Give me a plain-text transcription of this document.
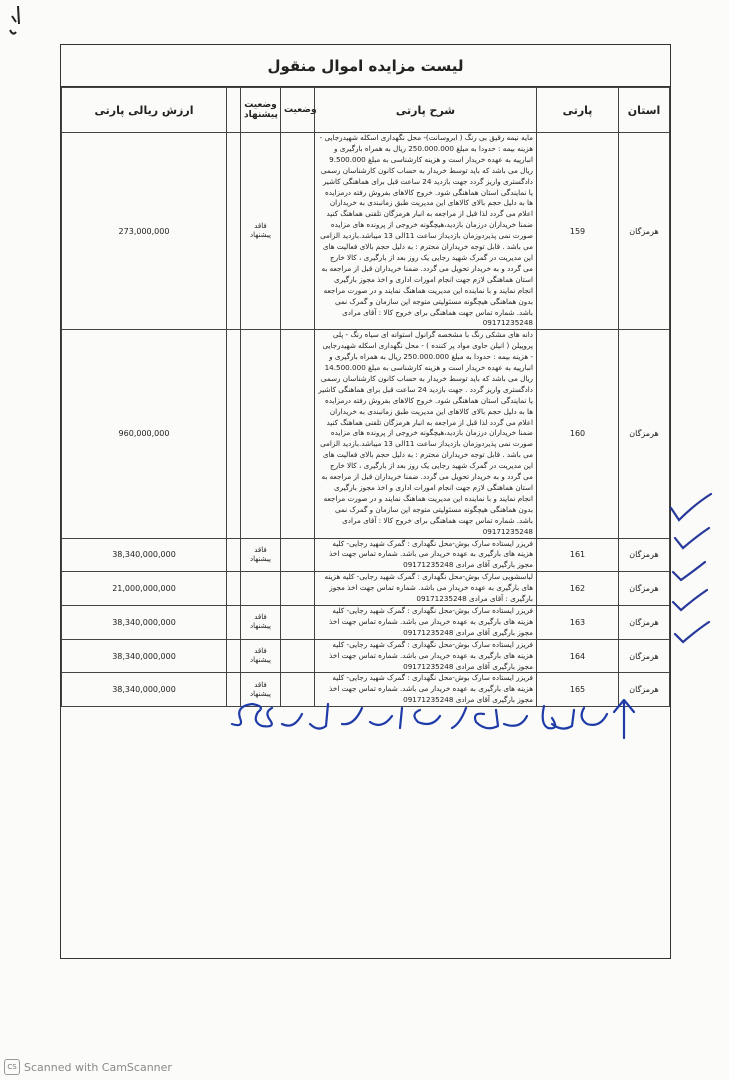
لیست مزایده اموال منقول
ارزش ریالی پارتی		وضعیت پیشنهاد	وضعیت	شرح پارتی	پارتی	استان
273,000,000		فاقد پیشنهاد		مایه نیمه رقیق بی رنگ ( ابروسانت)- محل نگهداری اسکله شهیدرجایی - هزینه بیمه : حدودا به مبلغ 250.000.000 ریال به همراه بارگیری و انبارپیه به عهده خریدار است و هزینه کارشناسی به مبلغ 9.500.000 ریال می باشد که باید توسط خریدار به حساب کانون کارشناسان رسمی دادگستری واریز گردد جهت بازدید 24 ساعت قبل برای هماهنگی کاشیر یا نمایندگی استان هماهنگی شود. خروج کالاهای بفروش رفته درمزایده ها به دلیل حجم بالای کالاهای این مدیریت طبق زمانبندی به خریداران اعلام می گردد لذا قبل از مراجعه به انبار هرمزگان تلفنی هماهنگ کنید ضمنا خریداران درزمان بازدید،هیچگونه خروجی از پرونده های مزایده صورت نمی پذیردوزمان بازدیداز ساعت 11الی 13 میباشد.بازدید الزامی می باشد . قابل توجه خریداران محترم : به دلیل حجم بالای فعالیت های این مدیریت در گمرک شهید رجایی یک روز بعد از بارگیری ، کالا خارج می گردد و به خریدار تحویل می گردد. ضمنا خریداران قبل از مراجعه به استان هماهنگی لازم جهت انجام امورات اداری و اخذ مجوز بارگیری انجام نمایند و با نماینده این مدیریت هماهنگ نمایند و در صورت مراجعه بدون هماهنگی هیچگونه مسئولیتی متوجه این سازمان و گمرک نمی باشد. شماره تماس جهت هماهنگی برای خروج کالا : آقای مرادی 09171235248	159	هرمزگان
960,000,000				دانه های مشکی رنگ با مشخصه گرانول استوانه ای سیاه رنگ - پلی پروپیلن ( انیلن حاوی مواد پر کننده ) - محل نگهداری اسکله شهیدرجایی - هزینه بیمه : حدودا به مبلغ 250.000.000 ریال به همراه بارگیری و انبارپیه به عهده خریدار است و هزینه کارشناسی به مبلغ 14.500.000 ریال می باشد که باید توسط خریدار به حساب کانون کارشناسان رسمی دادگستری واریز گردد . جهت بازدید 24 ساعت قبل برای هماهنگی کاشیر یا نمایندگی استان هماهنگی شود. خروج کالاهای بفروش رفته درمزایده ها به دلیل حجم بالای کالاهای این مدیریت طبق زمانبندی به خریداران اعلام می گردد لذا قبل از مراجعه به انبار هرمزگان تلفنی هماهنگ کنید ضمنا خریداران درزمان بازدید،هیچگونه خروجی از پرونده های مزایده صورت نمی پذیردوزمان بازدیداز ساعت 11الی 13 میباشد.بازدید الزامی می باشد . قابل توجه خریداران محترم : به دلیل حجم بالای فعالیت های این مدیریت در گمرک شهید رجایی یک روز بعد از بارگیری ، کالا خارج می گردد و به خریدار تحویل می گردد. ضمنا خریداران قبل از مراجعه به استان هماهنگی لازم جهت انجام امورات اداری و اخذ مجوز بارگیری انجام نمایند و با نماینده این مدیریت هماهنگ نمایند و در صورت مراجعه بدون هماهنگی هیچگونه مسئولیتی متوجه این سازمان و گمرک نمی باشد. شماره تماس جهت هماهنگی برای خروج کالا : آقای مرادی 09171235248	160	هرمزگان
38,340,000,000		فاقد پیشنهاد		فریزر ایستاده سارک بوش-محل نگهداری : گمرک شهید رجایی- کلیه هزینه های بارگیری به عهده خریدار می باشد. شماره تماس جهت اخذ مجوز بارگیری آقای مرادی 09171235248	161	هرمزگان
21,000,000,000				لباسشویی سارک بوش-محل نگهداری : گمرک شهید رجایی- کلیه هزینه های بارگیری به عهده خریدار می باشد. شماره تماس جهت اخذ مجوز بارگیری : آقای مرادی 09171235248	162	هرمزگان
38,340,000,000		فاقد پیشنهاد		فریزر ایستاده سارک بوش-محل نگهداری : گمرک شهید رجایی- کلیه هزینه های بارگیری به عهده خریدار می باشد. شماره تماس جهت اخذ مجوز بارگیری آقای مرادی 09171235248	163	هرمزگان
38,340,000,000		فاقد پیشنهاد		فریزر ایستاده سارک بوش-محل نگهداری : گمرک شهید رجایی- کلیه هزینه های بارگیری به عهده خریدار می باشد. شماره تماس جهت اخذ مجوز بارگیری آقای مرادی 09171235248	164	هرمزگان
38,340,000,000		فاقد پیشنهاد		فریزر ایستاده سارک بوش-محل نگهداری : گمرک شهید رجایی- کلیه هزینه های بارگیری به عهده خریدار می باشد. شماره تماس جهت اخذ مجوز بارگیری آقای مرادی 09171235248	165	هرمزگان
CS Scanned with CamScanner
